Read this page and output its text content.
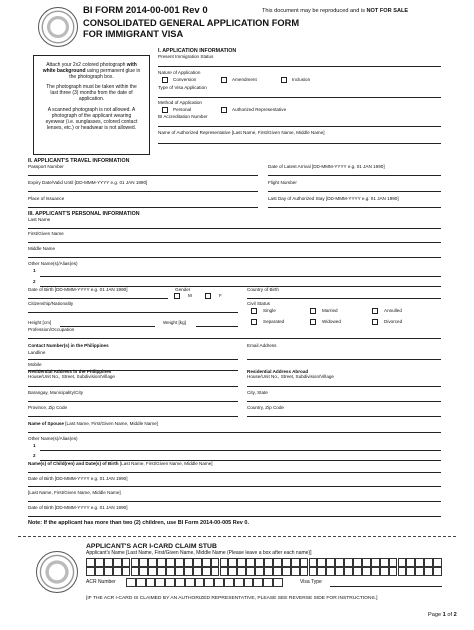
BI FORM 2014-00-001 Rev 0	This document may be reproduced and is NOT FOR SALE
CONSOLIDATED GENERAL APPLICATION FORM
FOR IMMIGRANT VISA
Attach your 2x2 colored photograph with white background using permanent glue in the photograph box.
The photograph must be taken within the last three (3) months from the date of application.
A scanned photograph is not allowed. A photograph of the applicant wearing eyewear (i.e. sunglasses, colored contact lenses, etc.) or headwear is not allowed.
I. APPLICATION INFORMATION
Present Immigration Status
Nature of Application
Conversion	Amendment	Inclusion
Type of Visa Application
Method of Application
Personal	Authorized Representative
BI Accreditation Number
Name of Authorized Representative [Last Name, First/Given Name, Middle Name]
II. APPLICANT'S TRAVEL INFORMATION
Passport Number	Date of Latest Arrival [DD-MMM-YYYY e.g. 01 JAN 1990]
Expiry Date/Valid Until [DD-MMM-YYYY e.g. 01 JAN 1990]	Flight Number
Place of Issuance	Last Day of Authorized Stay [DD-MMM-YYYY e.g. 01 JAN 1990]
III. APPLICANT'S PERSONAL INFORMATION
Last Name
First/Given Name
Middle Name
Other Name(s)/Alias(es)
1
2
Date of Birth [DD-MMM-YYYY e.g. 01 JAN 1990]	Gender	Country of Birth
M	F
Citizenship/Nationality	Civil Status
Single	Married	Annulled
Separated	Widowed	Divorced
Height [cm]	Weight [kg]
Profession/Occupation
Contact Number(s) in the Philippines	Email Address
Landline
Mobile
Residential Address in the Philippines	Residential Address Abroad
House/Unit No., Street, Subdivision/Village	House/Unit No., Street, Subdivision/Village
Barangay, Municipality/City	City, State
Province, Zip Code	Country, Zip Code
Name of Spouse [Last Name, First/Given Name, Middle Name]
Other Name(s)/Alias(es)
1
2
Name(s) of Child(ren) and Date(s) of Birth [Last Name, First/Given Name, Middle Name]
Date of Birth [DD-MMM-YYYY e.g. 01 JAN 1990]
[Last Name, First/Given Name, Middle Name]
Date of Birth [DD-MMM-YYYY e.g. 01 JAN 1990]
Note: If the applicant has more than two (2) children, use BI Form 2014-00-005 Rev 0.
APPLICANT'S ACR I-CARD CLAIM STUB
Applicant's Name [Last Name, First/Given Name, Middle Name (Please leave a box after each name)]
ACR Number	Visa Type
[IF THE ACR I-CARD IS CLAIMED BY AN AUTHORIZED REPRESENTATIVE, PLEASE SEE REVERSE SIDE FOR INSTRUCTIONS.]
Page 1 of 2
